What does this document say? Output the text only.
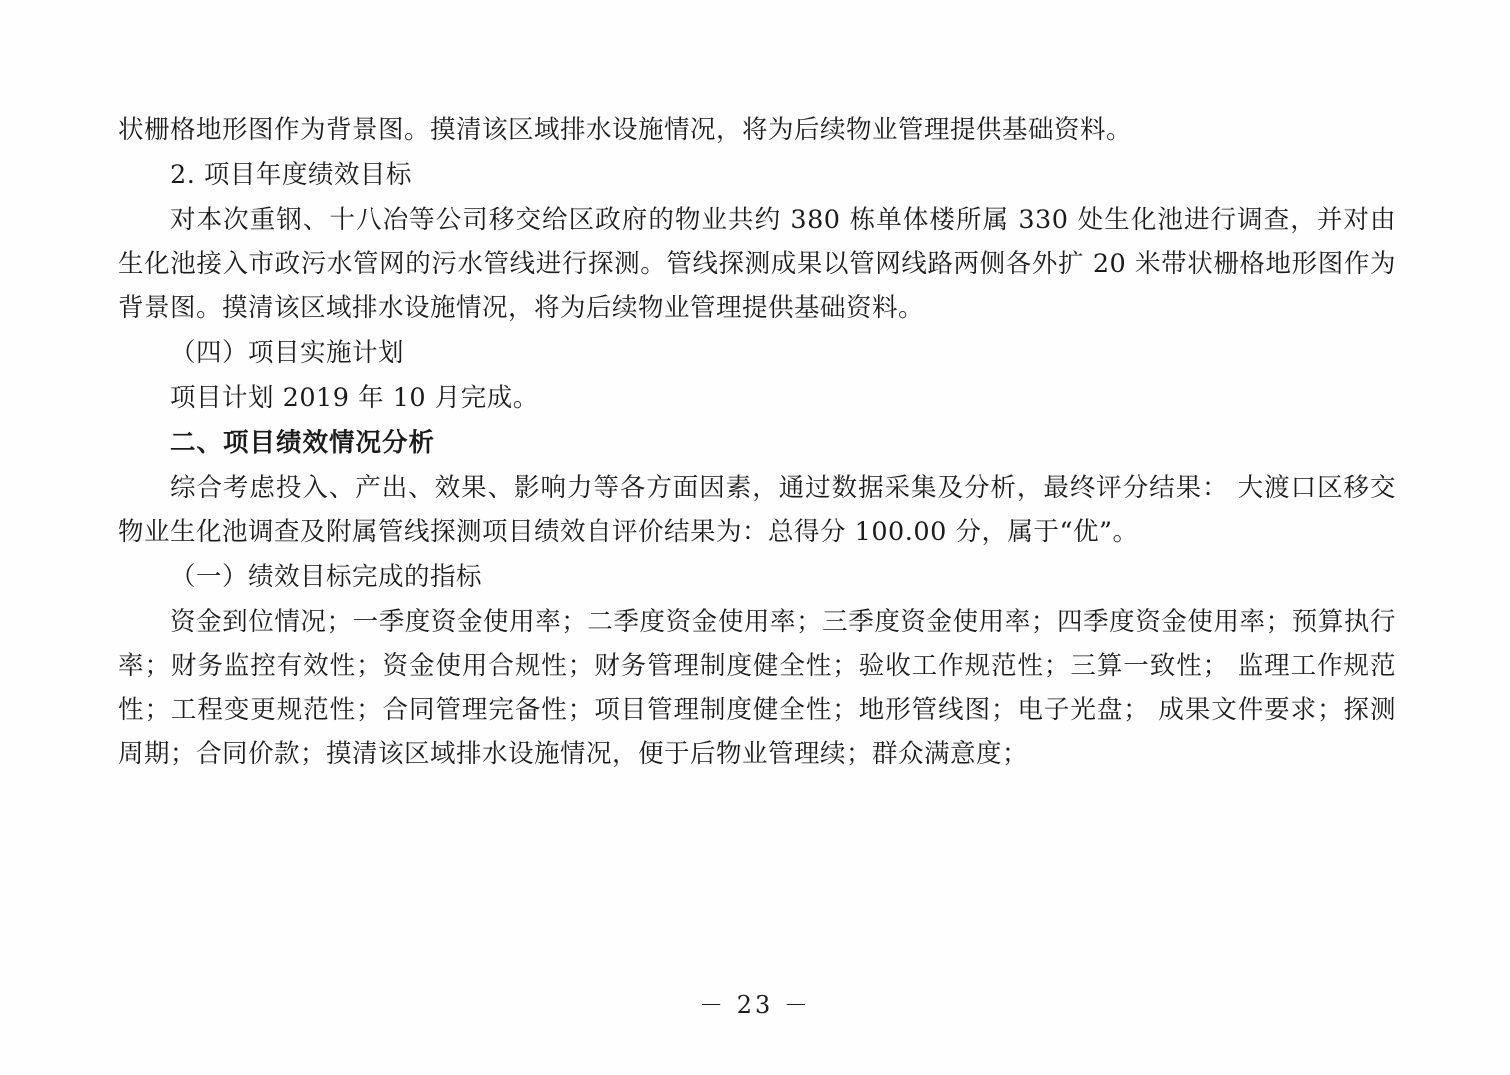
状栅格地形图作为背景图。摸清该区域排水设施情况，将为后续物业管理提供基础资料。

2. 项目年度绩效目标

对本次重钢、十八冶等公司移交给区政府的物业共约 380 栋单体楼所属 330 处生化池进行调查，并对由生化池接入市政污水管网的污水管线进行探测。管线探测成果以管网线路两侧各外扩 20 米带状栅格地形图作为背景图。摸清该区域排水设施情况，将为后续物业管理提供基础资料。

（四）项目实施计划

项目计划 2019 年 10 月完成。

二、项目绩效情况分析

综合考虑投入、产出、效果、影响力等各方面因素，通过数据采集及分析，最终评分结果： 大渡口区移交物业生化池调查及附属管线探测项目绩效自评价结果为：总得分 100.00 分，属于“优”。

（一）绩效目标完成的指标

资金到位情况；一季度资金使用率；二季度资金使用率；三季度资金使用率；四季度资金使用率；预算执行率；财务监控有效性；资金使用合规性；财务管理制度健全性；验收工作规范性；三算一致性； 监理工作规范性；工程变更规范性；合同管理完备性；项目管理制度健全性；地形管线图；电子光盘； 成果文件要求；探测周期；合同价款；摸清该区域排水设施情况，便于后物业管理续；群众满意度；

－ 23 －
